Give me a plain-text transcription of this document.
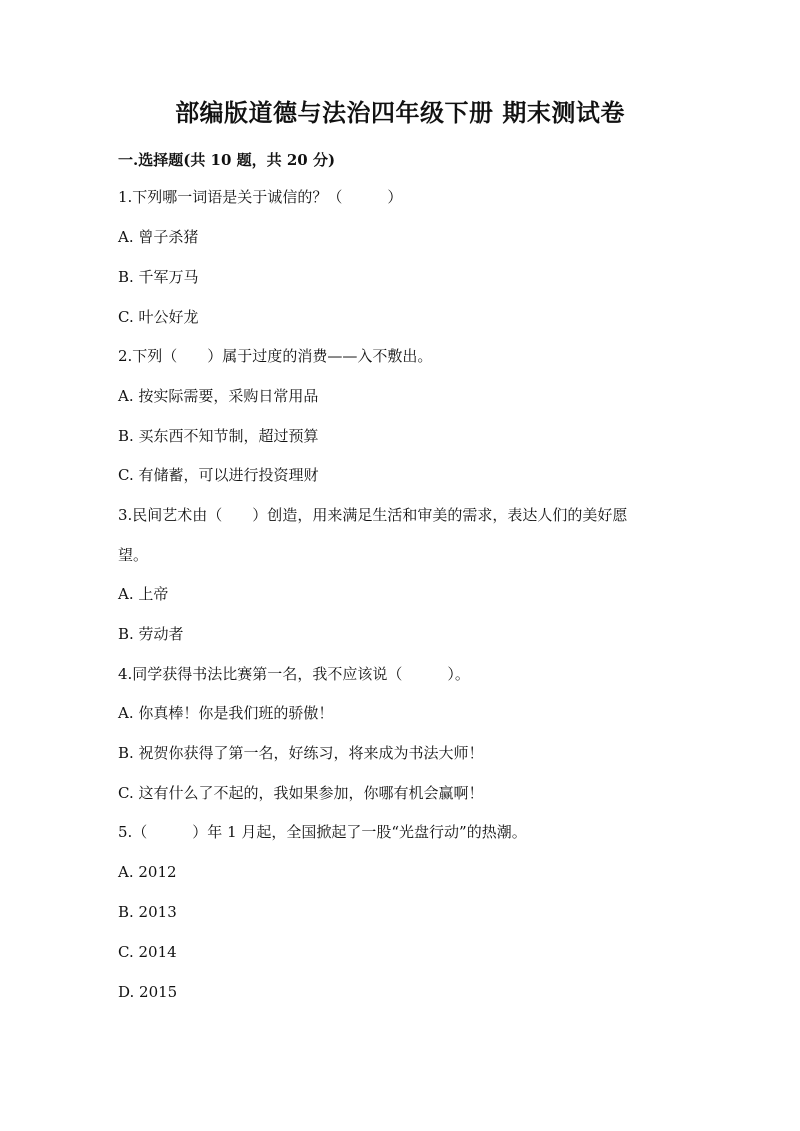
部编版道德与法治四年级下册 期末测试卷
一.选择题(共 10 题，共 20 分)

1.下列哪一词语是关于诚信的？（　　　）

A. 曾子杀猪

B. 千军万马

C. 叶公好龙

2.下列（　　）属于过度的消费——入不敷出。

A. 按实际需要，采购日常用品

B. 买东西不知节制，超过预算

C. 有储蓄，可以进行投资理财

3.民间艺术由（　　）创造，用来满足生活和审美的需求，表达人们的美好愿

望。

A. 上帝

B. 劳动者

4.同学获得书法比赛第一名，我不应该说（　　　）。

A. 你真棒！你是我们班的骄傲！

B. 祝贺你获得了第一名，好练习，将来成为书法大师！

C. 这有什么了不起的，我如果参加，你哪有机会赢啊！

5.（　　　）年 1 月起，全国掀起了一股“光盘行动”的热潮。

A. 2012

B. 2013

C. 2014

D. 2015
